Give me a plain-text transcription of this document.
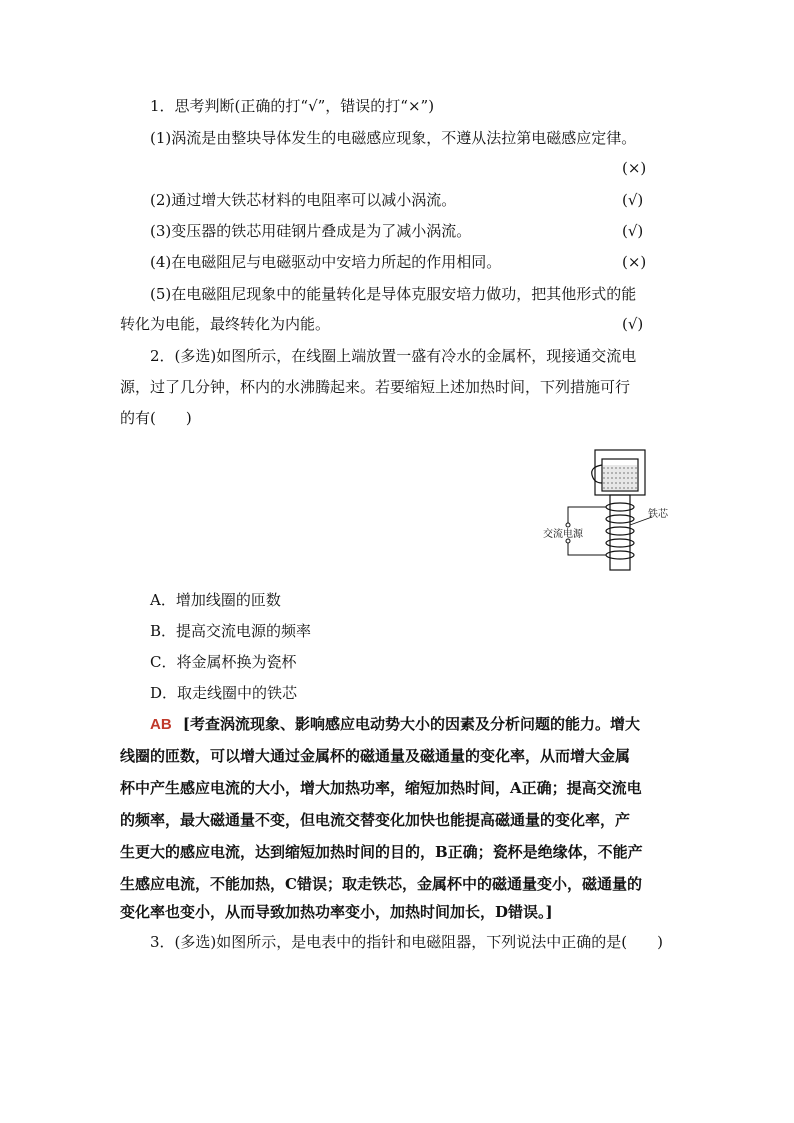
1．思考判断(正确的打“√”，错误的打“×”)
(1)涡流是由整块导体发生的电磁感应现象，不遵从法拉第电磁感应定律。
(×)
(2)通过增大铁芯材料的电阻率可以减小涡流。	(√)
(3)变压器的铁芯用硅钢片叠成是为了减小涡流。	(√)
(4)在电磁阻尼与电磁驱动中安培力所起的作用相同。	(×)
(5)在电磁阻尼现象中的能量转化是导体克服安培力做功，把其他形式的能
转化为电能，最终转化为内能。	(√)
2．(多选)如图所示，在线圈上端放置一盛有冷水的金属杯，现接通交流电
源，过了几分钟，杯内的水沸腾起来。若要缩短上述加热时间，下列措施可行
的有(　　)
交流电源
铁芯
A．增加线圈的匝数
B．提高交流电源的频率
C．将金属杯换为瓷杯
D．取走线圈中的铁芯
AB [考查涡流现象、影响感应电动势大小的因素及分析问题的能力。增大
线圈的匝数，可以增大通过金属杯的磁通量及磁通量的变化率，从而增大金属
杯中产生感应电流的大小，增大加热功率，缩短加热时间，A正确；提高交流电
的频率，最大磁通量不变，但电流交替变化加快也能提高磁通量的变化率，产
生更大的感应电流，达到缩短加热时间的目的，B正确；瓷杯是绝缘体，不能产
生感应电流，不能加热，C错误；取走铁芯，金属杯中的磁通量变小，磁通量的
变化率也变小，从而导致加热功率变小，加热时间加长，D错误。]
3．(多选)如图所示，是电表中的指针和电磁阻器，下列说法中正确的是(　　)
